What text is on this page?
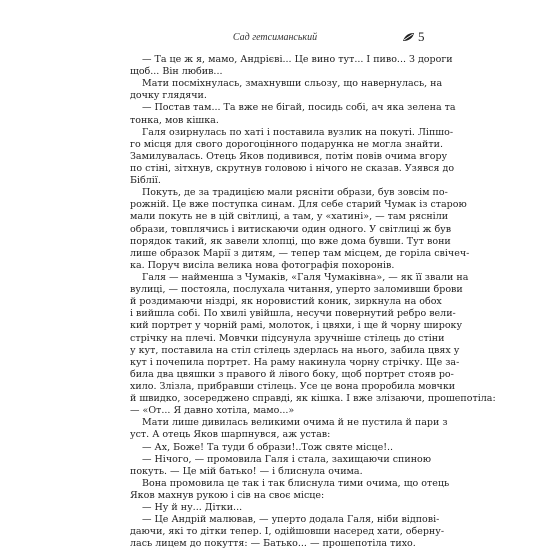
Сад гетсиманський	5
— Та це ж я, мамо, Андрієві... Це вино тут... І пиво... З дороги
щоб... Він любив...
Мати посміхнулась, змахнувши сльозу, що навернулась, на
дочку глядячи.
— Постав там... Та вже не бігай, посидь собі, ач яка зелена та
тонка, мов кішка.
Галя озирнулась по хаті і поставила вузлик на покуті. Ліпшо-
го місця для свого дорогоцінного подарунка не могла знайти.
Замилувалась. Отець Яков подивився, потім повів очима вгору
по стіні, зітхнув, скрутнув головою і нічого не сказав. Узявся до
Біблії.
Покуть, де за традицією мали рясніти образи, був зовсім по-
рожній. Це вже поступка синам. Для себе старий Чумак із старою
мали покуть не в цій світлиці, а там, у «хатині», — там рясніли
образи, товплячись і витискаючи один одного. У світлиці ж був
порядок такий, як завели хлопці, що вже дома бувши. Тут вони
лише образок Марії з дитям, — тепер там місцем, де горіла свічеч-
ка. Поруч висіла велика нова фотографія похоронів.
Галя — найменша з Чумаків, «Галя Чумаківна», — як її звали на
вулиці, — постояла, послухала читання, уперто заломивши брови
й роздимаючи ніздрі, як норовистий коник, зиркнула на обох
і вийшла собі. По хвилі увійшла, несучи повернутий ребро вели-
кий портрет у чорній рамі, молоток, і цвяхи, і ще й чорну широку
стрічку на плечі. Мовчки підсунула зручніше стілець до стіни
у кут, поставила на стіл стілець здерлась на нього, забила цвях у
кут і почепила портрет. На раму накинула чорну стрічку. Ще за-
била два цвяшки з правого й лівого боку, щоб портрет стояв ро-
хило. Злізла, прибравши стілець. Усе це вона проробила мовчки
й швидко, зосереджено справді, як кішка. І вже злізаючи, прошепотіла:
— «От... Я давно хотіла, мамо...»
Мати лише дивилась великими очима й не пустила й пари з
уст. А отець Яков шарпнувся, аж устав:
— Ах, Боже! Та туди б образи!..Тож святе місце!..
— Нічого, — промовила Галя і стала, захищаючи спиною
покуть. — Це мій батько! — і блиснула очима.
Вона промовила це так і так блиснула тими очима, що отець
Яков махнув рукою і сів на своє місце:
— Ну й ну... Дітки...
— Це Андрій малював, — уперто додала Галя, ніби відпові-
даючи, які то дітки тепер. І, одійшовши насеред хати, оберну-
лась лицем до покуття: — Батько... — прошепотіла тихо.
